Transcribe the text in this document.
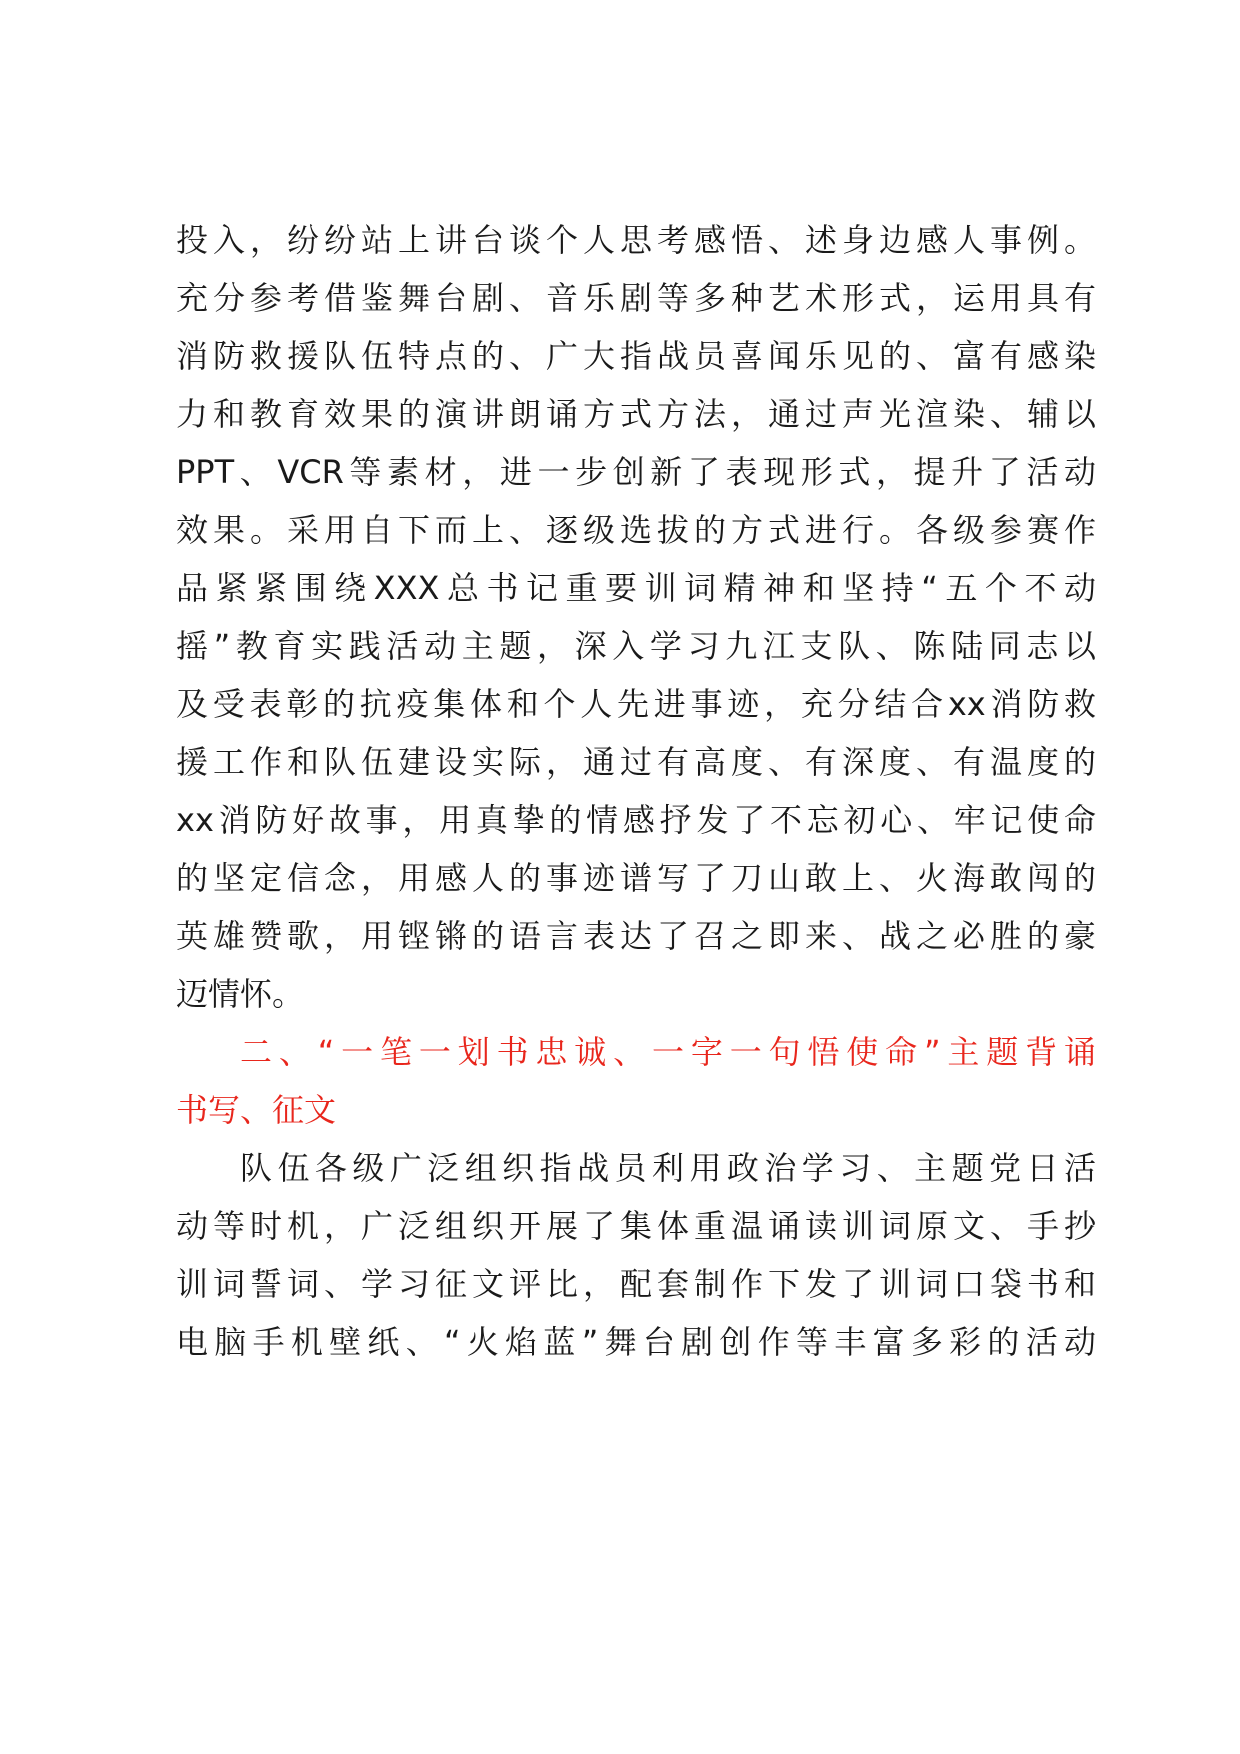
投入，纷纷站上讲台谈个人思考感悟、述身边感人事例。
充分参考借鉴舞台剧、音乐剧等多种艺术形式，运用具有
消防救援队伍特点的、广大指战员喜闻乐见的、富有感染
力和教育效果的演讲朗诵方式方法，通过声光渲染、辅以
PPT、VCR等素材，进一步创新了表现形式，提升了活动
效果。采用自下而上、逐级选拔的方式进行。各级参赛作
品紧紧围绕XXX总书记重要训词精神和坚持“五个不动
摇”教育实践活动主题，深入学习九江支队、陈陆同志以
及受表彰的抗疫集体和个人先进事迹，充分结合xx消防救
援工作和队伍建设实际，通过有高度、有深度、有温度的
xx消防好故事，用真挚的情感抒发了不忘初心、牢记使命
的坚定信念，用感人的事迹谱写了刀山敢上、火海敢闯的
英雄赞歌，用铿锵的语言表达了召之即来、战之必胜的豪
迈情怀。
二、“一笔一划书忠诚、一字一句悟使命”主题背诵
书写、征文
队伍各级广泛组织指战员利用政治学习、主题党日活
动等时机，广泛组织开展了集体重温诵读训词原文、手抄
训词誓词、学习征文评比，配套制作下发了训词口袋书和
电脑手机壁纸、“火焰蓝”舞台剧创作等丰富多彩的活动
